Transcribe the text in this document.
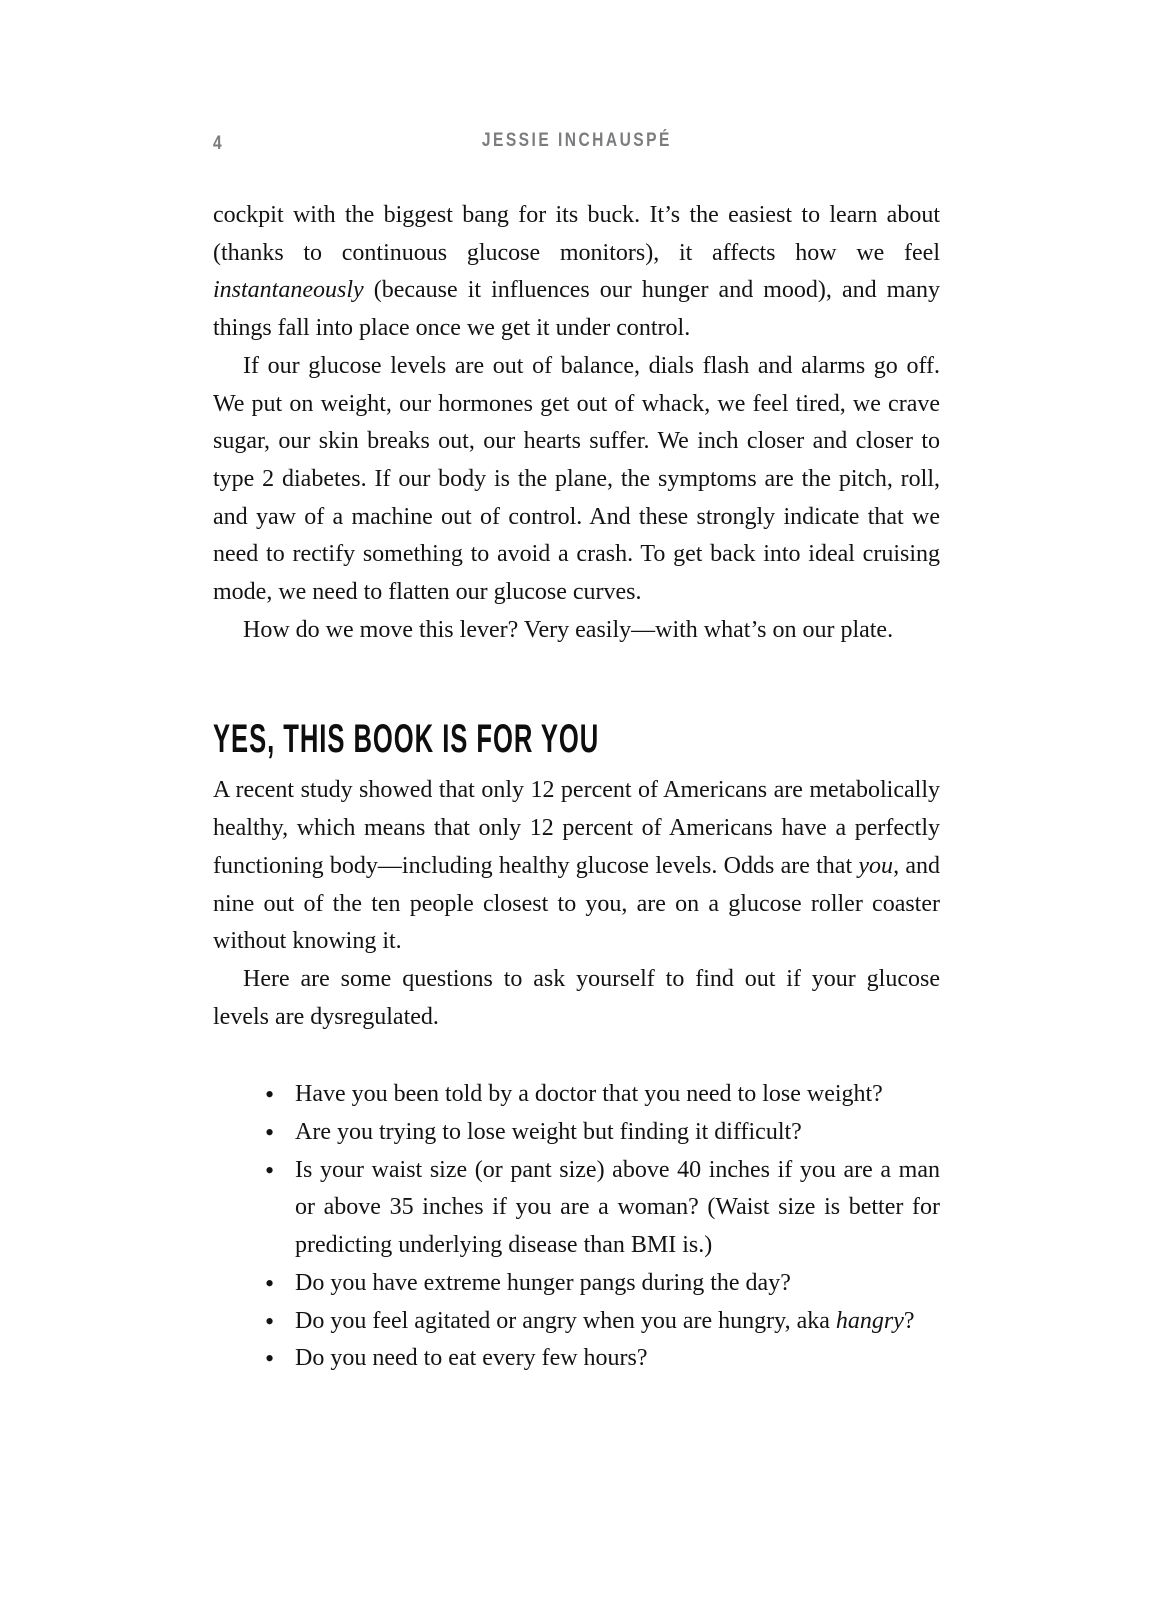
4	JESSIE INCHAUSPÉ

cockpit with the biggest bang for its buck. It’s the easiest to learn about (thanks to continuous glucose monitors), it affects how we feel instantaneously (because it influences our hunger and mood), and many things fall into place once we get it under control.

If our glucose levels are out of balance, dials flash and alarms go off. We put on weight, our hormones get out of whack, we feel tired, we crave sugar, our skin breaks out, our hearts suffer. We inch closer and closer to type 2 diabetes. If our body is the plane, the symptoms are the pitch, roll, and yaw of a machine out of control. And these strongly indicate that we need to rectify something to avoid a crash. To get back into ideal cruising mode, we need to flatten our glucose curves.

How do we move this lever? Very easily—with what’s on our plate.

YES, THIS BOOK IS FOR YOU

A recent study showed that only 12 percent of Americans are metabolically healthy, which means that only 12 percent of Americans have a perfectly functioning body—including healthy glucose levels. Odds are that you, and nine out of the ten people closest to you, are on a glucose roller coaster without knowing it.

Here are some questions to ask yourself to find out if your glucose levels are dysregulated.

• Have you been told by a doctor that you need to lose weight?
• Are you trying to lose weight but finding it difficult?
• Is your waist size (or pant size) above 40 inches if you are a man or above 35 inches if you are a woman? (Waist size is better for predicting underlying disease than BMI is.)
• Do you have extreme hunger pangs during the day?
• Do you feel agitated or angry when you are hungry, aka hangry?
• Do you need to eat every few hours?
